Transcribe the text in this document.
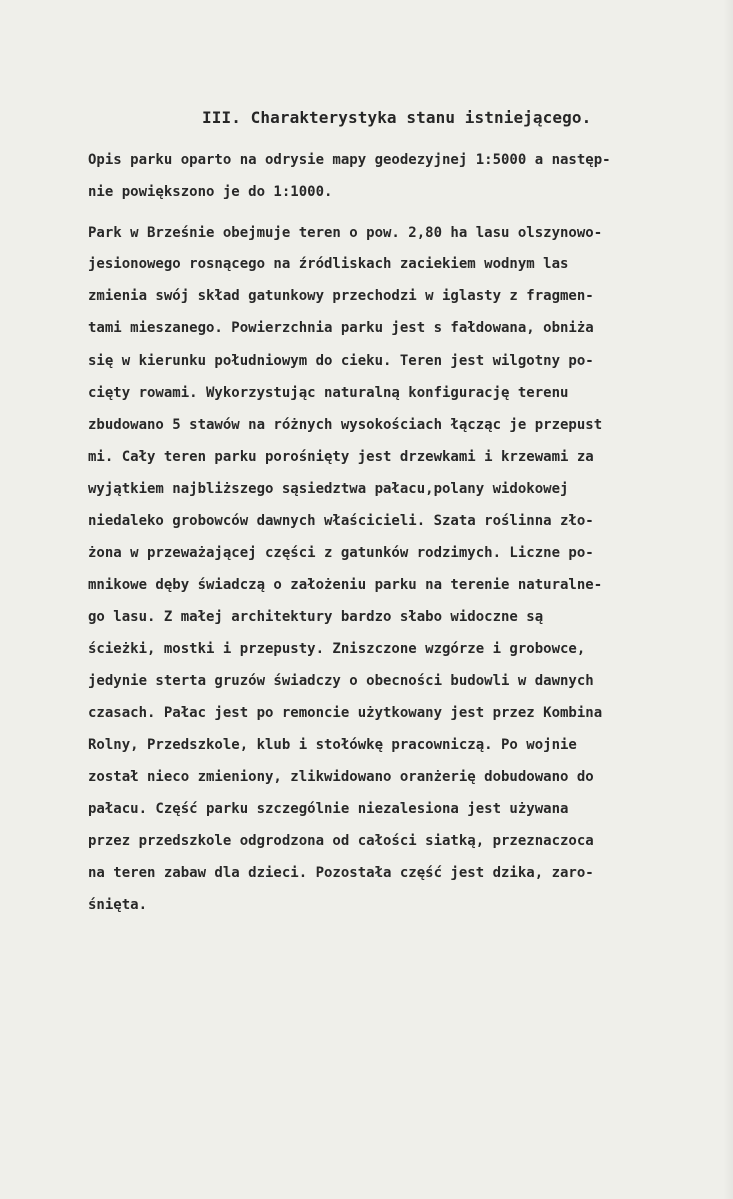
III. Charakterystyka stanu istniejącego.

Opis parku oparto na odrysie mapy geodezyjnej 1:5000 a następ-

nie powiększono je do 1:1000.

Park w Brześnie obejmuje teren o pow. 2,80 ha lasu olszynowo-

jesionowego rosnącego na źródliskach zaciekiem wodnym las

zmienia swój skład gatunkowy przechodzi w iglasty z fragmen-

tami mieszanego. Powierzchnia parku jest s fałdowana, obniża

się w kierunku południowym do cieku. Teren jest wilgotny po-

cięty rowami. Wykorzystując naturalną konfigurację terenu

zbudowano 5 stawów na różnych wysokościach łącząc je przepust

mi. Cały teren parku porośnięty jest drzewkami i krzewami za

wyjątkiem najbliższego sąsiedztwa pałacu,polany widokowej

niedaleko grobowców dawnych właścicieli. Szata roślinna zło-

żona w przeważającej części z gatunków rodzimych. Liczne po-

mnikowe dęby świadczą o założeniu parku na terenie naturalne-

go lasu. Z małej architektury bardzo słabo widoczne są

ścieżki, mostki i przepusty. Zniszczone wzgórze i grobowce,

jedynie sterta gruzów świadczy o obecności budowli w dawnych

czasach. Pałac jest po remoncie użytkowany jest przez Kombina

Rolny, Przedszkole, klub i stołówkę pracowniczą. Po wojnie

został nieco zmieniony, zlikwidowano oranżerię dobudowano do

pałacu. Część parku szczególnie niezalesiona jest używana

przez przedszkole odgrodzona od całości siatką, przeznaczoca

na teren zabaw dla dzieci. Pozostała część jest dzika, zaro-

śnięta.
